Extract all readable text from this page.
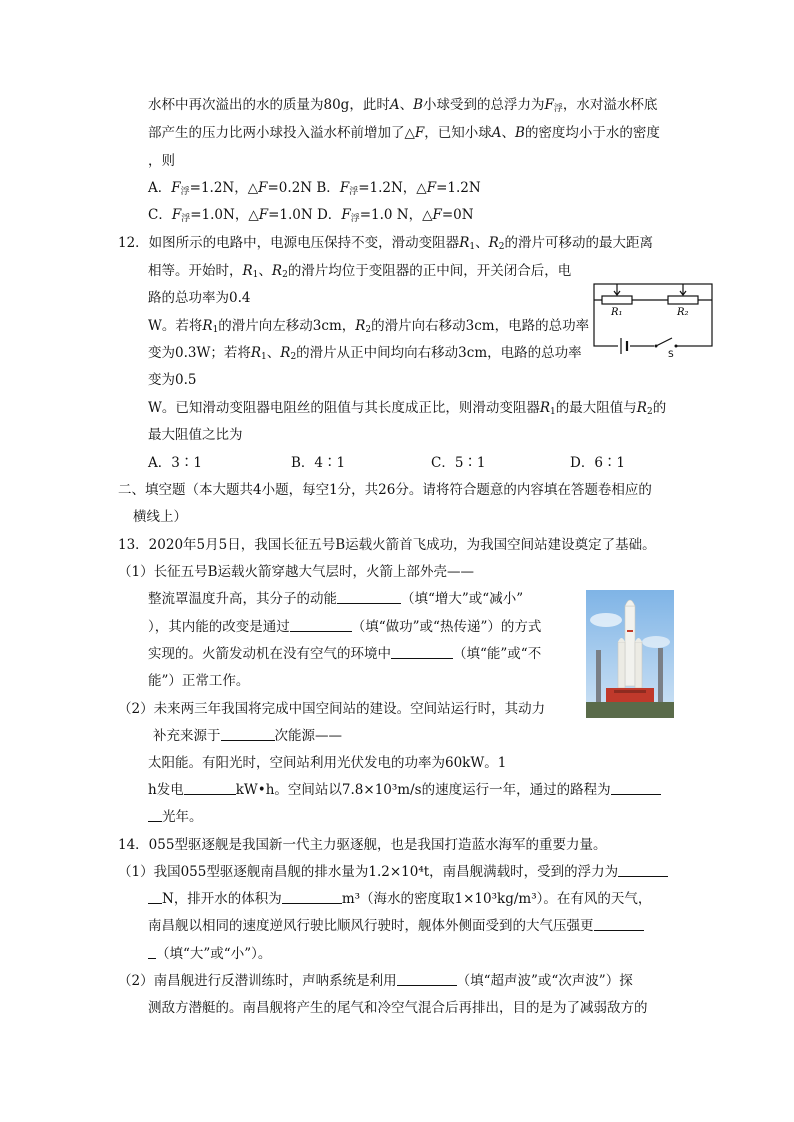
水杯中再次溢出的水的质量为80g，此时A、B小球受到的总浮力为$F_浮$，水对溢水杯底
部产生的压力比两小球投入溢水杯前增加了△F，已知小球A、B的密度均小于水的密度
，则
A．$F_浮=1.2N$，△F=0.2N B．$F_浮=1.2N$，△F=1.2N
C．$F_浮=1.0N$，△F=1.0N D．$F_浮=1.0$ N，△F=0N
12．如图所示的电路中，电源电压保持不变，滑动变阻器$R_1$、$R_2$的滑片可移动的最大距离
相等。开始时，$R_1$、$R_2$的滑片均位于变阻器的正中间，开关闭合后，电
路的总功率为0.4
W。若将$R_1$的滑片向左移动3cm，$R_2$的滑片向右移动3cm，电路的总功率
变为0.3W；若将$R_1$、$R_2$的滑片从正中间均向右移动3cm，电路的总功率
变为0.5
W。已知滑动变阻器电阻丝的阻值与其长度成正比，则滑动变阻器$R_1$的最大阻值与$R_2$的
最大阻值之比为
A．3∶1	B．4∶1	C．5∶1	D．6∶1
R₁	R₂
S
二、填空题（本大题共4小题，每空1分，共26分。请将符合题意的内容填在答题卷相应的
横线上）
13．2020年5月5日，我国长征五号B运载火箭首飞成功，为我国空间站建设奠定了基础。
（1）长征五号B运载火箭穿越大气层时，火箭上部外壳——
整流罩温度升高，其分子的动能	（填“增大”或“减小”
），其内能的改变是通过	（填“做功”或“热传递”）的方式
实现的。火箭发动机在没有空气的环境中	（填“能”或“不
能”）正常工作。
（2）未来两三年我国将完成中国空间站的建设。空间站运行时，其动力
补充来源于	次能源——
太阳能。有阳光时，空间站利用光伏发电的功率为60kW。1
h发电	kW•h。空间站以7.8×10³m/s的速度运行一年，通过的路程为
光年。
14．055型驱逐舰是我国新一代主力驱逐舰，也是我国打造蓝水海军的重要力量。
（1）我国055型驱逐舰南昌舰的排水量为1.2×10⁴t，南昌舰满载时，受到的浮力为
N，排开水的体积为	m³（海水的密度取1×10³kg/m³）。在有风的天气，
南昌舰以相同的速度逆风行驶比顺风行驶时，舰体外侧面受到的大气压强更
（填“大”或“小”）。
（2）南昌舰进行反潜训练时，声呐系统是利用	（填“超声波”或“次声波”）探
测敌方潜艇的。南昌舰将产生的尾气和冷空气混合后再排出，目的是为了减弱敌方的
